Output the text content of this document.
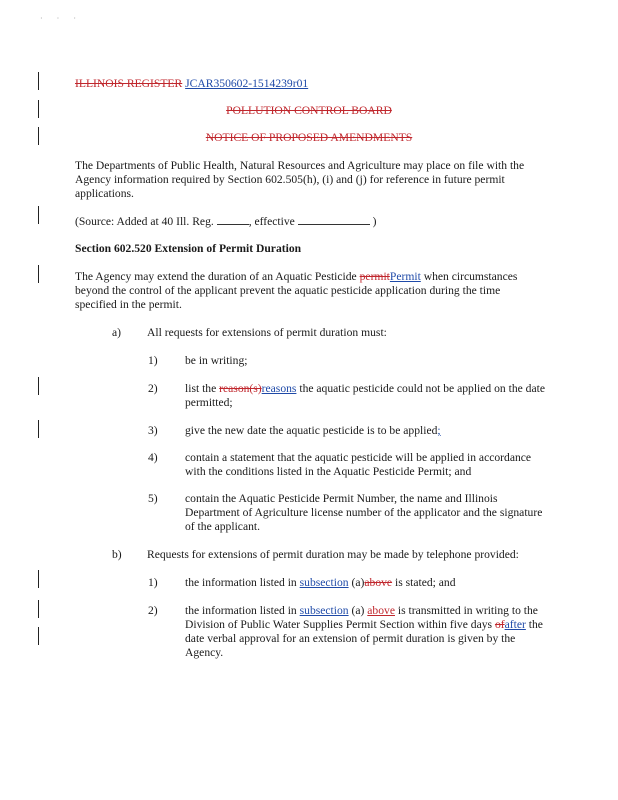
· · ·
ILLINOIS REGISTER JCAR350602-1514239r01
POLLUTION CONTROL BOARD
NOTICE OF PROPOSED AMENDMENTS
The Departments of Public Health, Natural Resources and Agriculture may place on file with the Agency information required by Section 602.505(h), (i) and (j) for reference in future permit applications.
(Source: Added at 40 Ill. Reg.	, effective	)
Section 602.520 Extension of Permit Duration
The Agency may extend the duration of an Aquatic Pesticide permitPermit when circumstances beyond the control of the applicant prevent the aquatic pesticide application during the time specified in the permit.
a) All requests for extensions of permit duration must:
1) be in writing;
2) list the reason(s)reasons the aquatic pesticide could not be applied on the date permitted;
3) give the new date the aquatic pesticide is to be applied;
4) contain a statement that the aquatic pesticide will be applied in accordance with the conditions listed in the Aquatic Pesticide Permit; and
5) contain the Aquatic Pesticide Permit Number, the name and Illinois Department of Agriculture license number of the applicator and the signature of the applicant.
b) Requests for extensions of permit duration may be made by telephone provided:
1) the information listed in subsection (a)above is stated; and
2) the information listed in subsection (a) above is transmitted in writing to the Division of Public Water Supplies Permit Section within five days ofafter the date verbal approval for an extension of permit duration is given by the Agency.
